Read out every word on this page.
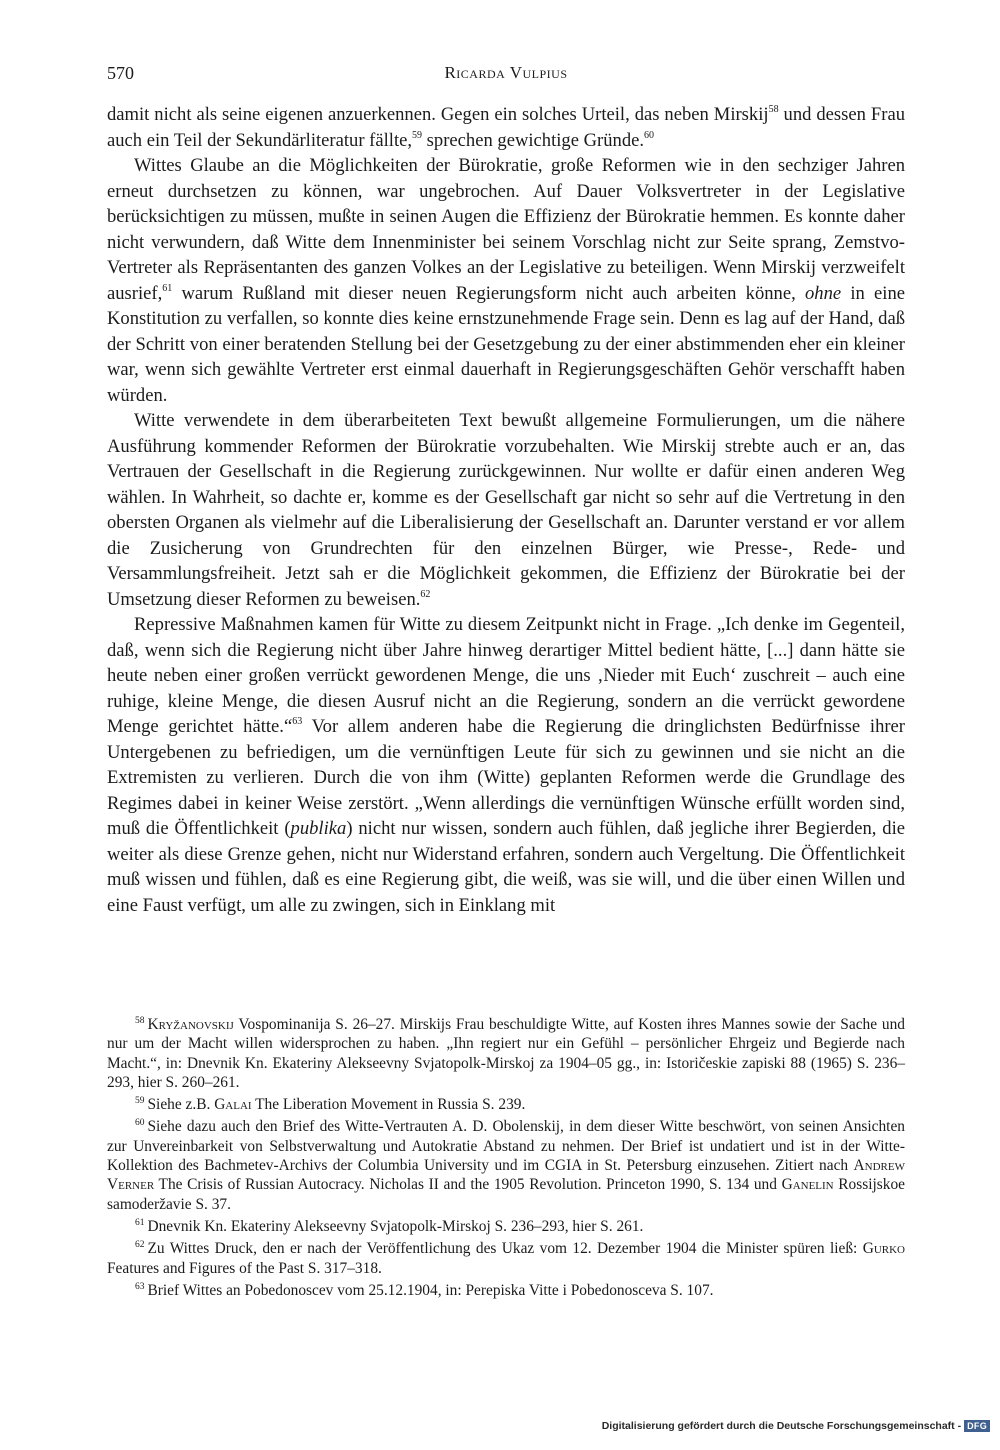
570	Ricarda Vulpius

damit nicht als seine eigenen anzuerkennen. Gegen ein solches Urteil, das neben Mirskij$^{58}$ und dessen Frau auch ein Teil der Sekundärliteratur fällte,$^{59}$ sprechen gewichtige Gründe.$^{60}$

Wittes Glaube an die Möglichkeiten der Bürokratie, große Reformen wie in den sechziger Jahren erneut durchsetzen zu können, war ungebrochen. Auf Dauer Volksvertreter in der Legislative berücksichtigen zu müssen, mußte in seinen Augen die Effizienz der Bürokratie hemmen. Es konnte daher nicht verwundern, daß Witte dem Innenminister bei seinem Vorschlag nicht zur Seite sprang, Zemstvo-Vertreter als Repräsentanten des ganzen Volkes an der Legislative zu beteiligen. Wenn Mirskij verzweifelt ausrief,$^{61}$ warum Rußland mit dieser neuen Regierungsform nicht auch arbeiten könne, ohne in eine Konstitution zu verfallen, so konnte dies keine ernstzunehmende Frage sein. Denn es lag auf der Hand, daß der Schritt von einer beratenden Stellung bei der Gesetzgebung zu der einer abstimmenden eher ein kleiner war, wenn sich gewählte Vertreter erst einmal dauerhaft in Regierungsgeschäften Gehör verschafft haben würden.

Witte verwendete in dem überarbeiteten Text bewußt allgemeine Formulierungen, um die nähere Ausführung kommender Reformen der Bürokratie vorzubehalten. Wie Mirskij strebte auch er an, das Vertrauen der Gesellschaft in die Regierung zurückgewinnen. Nur wollte er dafür einen anderen Weg wählen. In Wahrheit, so dachte er, komme es der Gesellschaft gar nicht so sehr auf die Vertretung in den obersten Organen als vielmehr auf die Liberalisierung der Gesellschaft an. Darunter verstand er vor allem die Zusicherung von Grundrechten für den einzelnen Bürger, wie Presse-, Rede- und Versammlungsfreiheit. Jetzt sah er die Möglichkeit gekommen, die Effizienz der Bürokratie bei der Umsetzung dieser Reformen zu beweisen.$^{62}$

Repressive Maßnahmen kamen für Witte zu diesem Zeitpunkt nicht in Frage. „Ich denke im Gegenteil, daß, wenn sich die Regierung nicht über Jahre hinweg derartiger Mittel bedient hätte, [...] dann hätte sie heute neben einer großen verrückt gewordenen Menge, die uns ‚Nieder mit Euch‘ zuschreit – auch eine ruhige, kleine Menge, die diesen Ausruf nicht an die Regierung, sondern an die verrückt gewordene Menge gerichtet hätte.“$^{63}$ Vor allem anderen habe die Regierung die dringlichsten Bedürfnisse ihrer Untergebenen zu befriedigen, um die vernünftigen Leute für sich zu gewinnen und sie nicht an die Extremisten zu verlieren. Durch die von ihm (Witte) geplanten Reformen werde die Grundlage des Regimes dabei in keiner Weise zerstört. „Wenn allerdings die vernünftigen Wünsche erfüllt worden sind, muß die Öffentlichkeit (publika) nicht nur wissen, sondern auch fühlen, daß jegliche ihrer Begierden, die weiter als diese Grenze gehen, nicht nur Widerstand erfahren, sondern auch Vergeltung. Die Öffentlichkeit muß wissen und fühlen, daß es eine Regierung gibt, die weiß, was sie will, und die über einen Willen und eine Faust verfügt, um alle zu zwingen, sich in Einklang mit

$^{58}$ Kryžanovskij Vospominanija S. 26–27. Mirskijs Frau beschuldigte Witte, auf Kosten ihres Mannes sowie der Sache und nur um der Macht willen widersprochen zu haben. „Ihn regiert nur ein Gefühl – persönlicher Ehrgeiz und Begierde nach Macht.“, in: Dnevnik Kn. Ekateriny Alekseevny Svjatopolk-Mirskoj za 1904–05 gg., in: Istoričeskie zapiski 88 (1965) S. 236–293, hier S. 260–261.

$^{59}$ Siehe z.B. Galai The Liberation Movement in Russia S. 239.

$^{60}$ Siehe dazu auch den Brief des Witte-Vertrauten A. D. Obolenskij, in dem dieser Witte beschwört, von seinen Ansichten zur Unvereinbarkeit von Selbstverwaltung und Autokratie Abstand zu nehmen. Der Brief ist undatiert und ist in der Witte-Kollektion des Bachmetev-Archivs der Columbia University und im CGIA in St. Petersburg einzusehen. Zitiert nach Andrew Verner The Crisis of Russian Autocracy. Nicholas II and the 1905 Revolution. Princeton 1990, S. 134 und Ganelin Rossijskoe samoderžavie S. 37.

$^{61}$ Dnevnik Kn. Ekateriny Alekseevny Svjatopolk-Mirskoj S. 236–293, hier S. 261.

$^{62}$ Zu Wittes Druck, den er nach der Veröffentlichung des Ukaz vom 12. Dezember 1904 die Minister spüren ließ: Gurko Features and Figures of the Past S. 317–318.

$^{63}$ Brief Wittes an Pobedonoscev vom 25.12.1904, in: Perepiska Vitte i Pobedonosceva S. 107.

Digitalisierung gefördert durch die Deutsche Forschungsgemeinschaft - DFG
